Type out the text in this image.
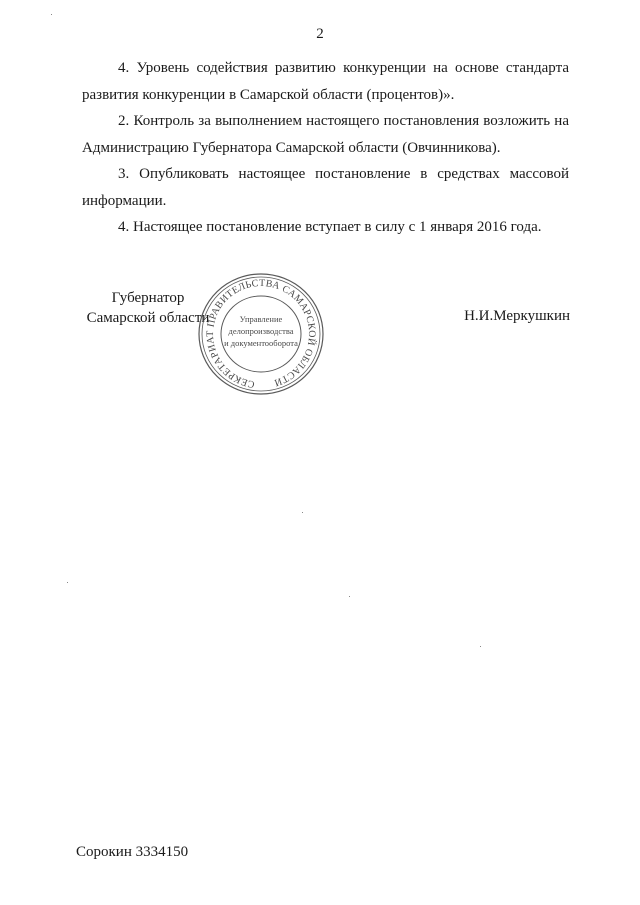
2
4. Уровень содействия развитию конкуренции на основе стандарта развития конкуренции в Самарской области (процентов)».
2. Контроль за выполнением настоящего постановления возложить на Администрацию Губернатора Самарской области (Овчинникова).
3. Опубликовать настоящее постановление в средствах массовой информации.
4. Настоящее постановление вступает в силу с 1 января 2016 года.
Губернатор
Самарской области
СЕКРЕТАРИАТ ПРАВИТЕЛЬСТВА САМАРСКОЙ ОБЛАСТИ
Управление
делопроизводства
и документооборота
Н.И.Меркушкин
Сорокин 3334150
